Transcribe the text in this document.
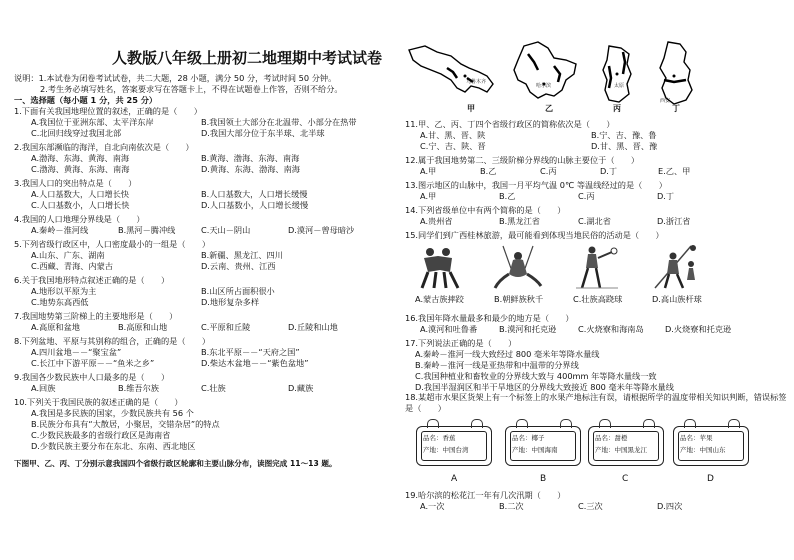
人教版八年级上册初二地理期中考试试卷
说明：1.本试卷为闭卷考试试卷，共二大题，28 小题，满分 50 分，考试时间 50 分钟。
2.考生务必填写姓名，答案要求写在答题卡上，不得在试题卷上作答，否则不给分。
一、选择题（每小题 1 分，共 25 分）
1.下面有关我国地理位置的叙述，正确的是（　　）
A.我国位于亚洲东部、太平洋东岸	B.我国领土大部分在北温带、小部分在热带
C.北回归线穿过我国北部	D.我国大部分位于东半球、北半球
2.我国东部濒临的海洋，自北向南依次是（　　）
A.渤海、东海、黄海、南海	B.黄海、渤海、东海、南海
C.渤海、黄海、东海、南海	D.黄海、东海、渤海、南海
3.我国人口的突出特点是（　　）
A.人口基数大，人口增长快	B.人口基数大，人口增长缓慢
C.人口基数小，人口增长快	D.人口基数小，人口增长缓慢
4.我国的人口地理分界线是（　　）
A.秦岭－淮河线	B.黑河－腾冲线	C.天山－阴山	D.漠河－曾母暗沙
5.下列省级行政区中，人口密度最小的一组是（　　）
A.山东、广东、湖南	B.新疆、黑龙江、四川
C.西藏、青海、内蒙古	D.云南、贵州、江西
6.关于我国地形特点叙述正确的是（　　）
A.地形以平原为主	B.山区所占面积很小
C.地势东高西低	D.地形复杂多样
7.我国地势第三阶梯上的主要地形是（　　）
A.高原和盆地	B.高原和山地	C.平原和丘陵	D.丘陵和山地
8.下列盆地、平原与其别称的组合，正确的是（　　）
A.四川盆地－－“聚宝盆”	B.东北平原－－“天府之国”
C.长江中下游平原－－“鱼米之乡”	D.柴达木盆地－－“紫色盆地”
9.我国各少数民族中人口最多的是（　　）
A.回族	B.维吾尔族	C.壮族	D.藏族
10.下列关于我国民族的叙述正确的是（　　）
A.我国是多民族的国家，少数民族共有 56 个
B.民族分布具有“大散居，小聚居，交错杂居”的特点
C.少数民族最多的省级行政区是海南省
D.少数民族主要分布在东北、东南、西北地区
下图甲、乙、丙、丁分别示意我国四个省级行政区轮廓和主要山脉分布，读图完成 11～13 题。
乌鲁木齐
哈尔滨	太原
西安
甲	乙	丙	丁
11.甲、乙、丙、丁四个省级行政区的简称依次是（　　）
A.甘、黑、晋、陕	B.宁、吉、豫、鲁
C.宁、吉、陕、晋	D.甘、黑、晋、豫
12.属于我国地势第二、三级阶梯分界线的山脉主要位于（　　）
A.甲	B.乙	C.丙	D.丁	E.乙、甲
13.图示地区的山脉中，我国一月平均气温 0℃ 等温线经过的是（　　）
A.甲	B.乙	C.丙	D.丁
14.下列省级单位中有两个简称的是（　　）
A.贵州省	B.黑龙江省	C.湖北省	D.浙江省
15.同学们到广西桂林旅游，最可能看到体现当地民俗的活动是（　　）
A.蒙古族摔跤	B.朝鲜族秋千	C.壮族高跷球	D.高山族杆球
16.我国年降水量最多和最少的地方是（　　）
A.漠河和吐鲁番	B.漠河和托克逊	C.火烧寮和海南岛	D.火烧寮和托克逊
17.下列说法正确的是（　　）
A.秦岭－淮河一线大致经过 800 毫米年等降水量线
B.秦岭－淮河一线是亚热带和中温带的分界线
C.我国种植业和畜牧业的分界线大致与 400mm 年等降水量线一致
D.我国半湿润区和半干旱地区的分界线大致接近 800 毫米年等降水量线
18.某超市水果区货架上有一个标签上的水果产地标注有误，请根据所学的温度带相关知识判断，错误标签是（　　）
品名：香蕉
产地：中国台湾
品名：椰子
产地：中国海南
品名：甜橙
产地：中国黑龙江
品名：苹果
产地：中国山东
A	B	C	D
19.哈尔滨的松花江一年有几次汛期（　　）
A.一次	B.二次	C.三次	D.四次
